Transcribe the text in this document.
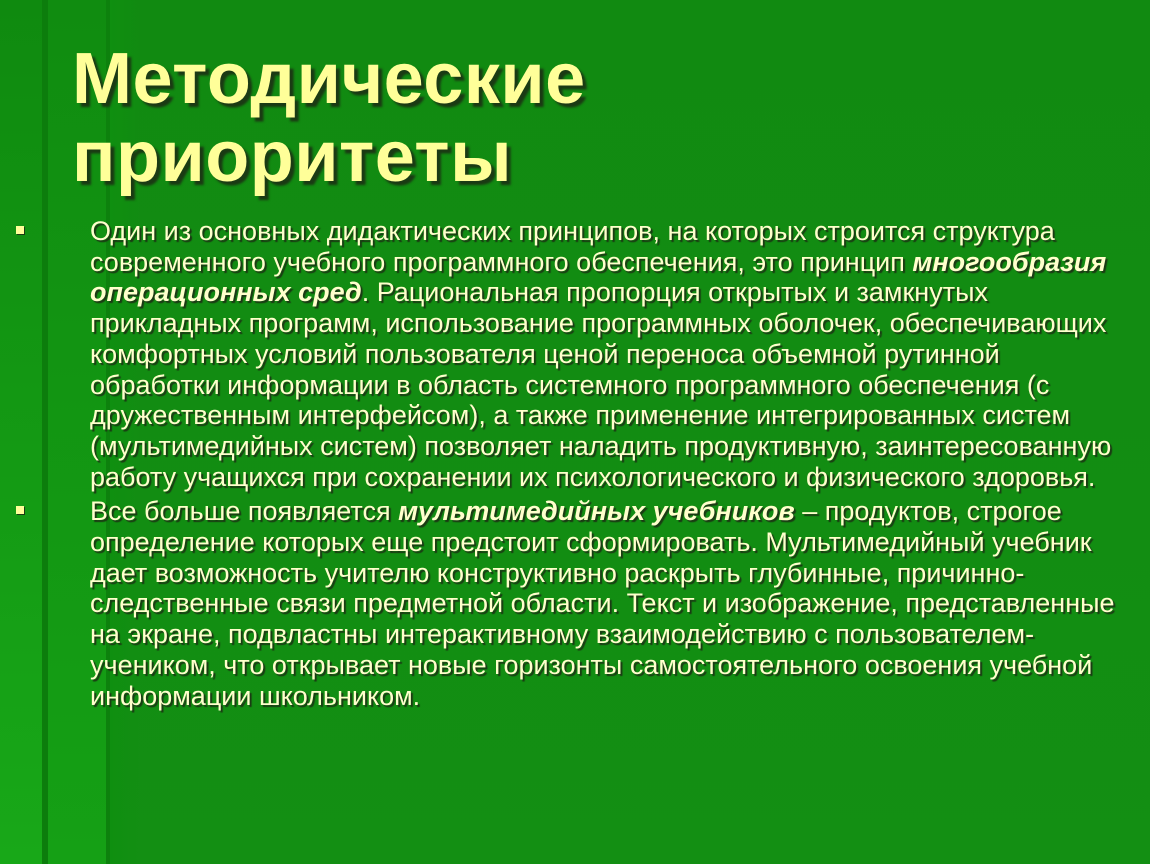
Методические приоритеты

Один из основных дидактических принципов, на которых строится структура современного учебного программного обеспечения, это принцип многообразия операционных сред. Рациональная пропорция открытых и замкнутых прикладных программ, использование программных оболочек, обеспечивающих комфортных условий пользователя ценой переноса объемной рутинной обработки информации в область системного программного обеспечения (с дружественным интерфейсом), а также применение интегрированных систем (мультимедийных систем) позволяет наладить продуктивную, заинтересованную работу учащихся при сохранении их психологического и физического здоровья.

Все больше появляется мультимедийных учебников – продуктов, строгое определение которых еще предстоит сформировать. Мультимедийный учебник дает возможность учителю конструктивно раскрыть глубинные, причинно-следственные связи предметной области. Текст и изображение, представленные на экране, подвластны интерактивному взаимодействию с пользователем-учеником, что открывает новые горизонты самостоятельного освоения учебной информации школьником.
